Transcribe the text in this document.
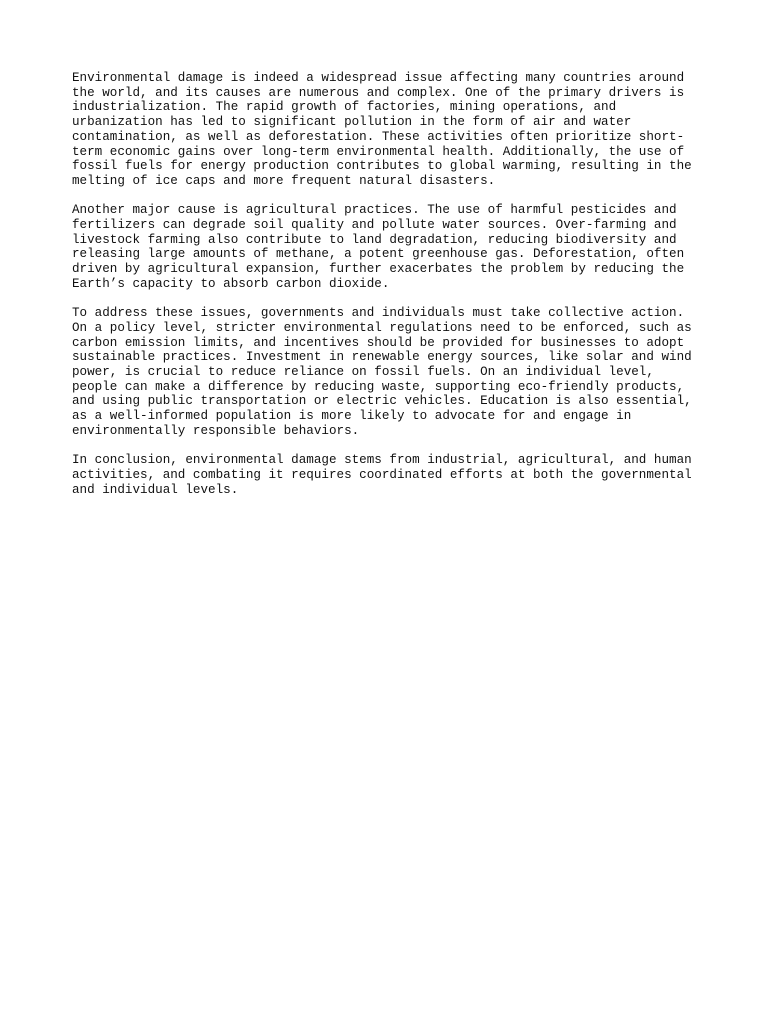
Environmental damage is indeed a widespread issue affecting many countries around
the world, and its causes are numerous and complex. One of the primary drivers is
industrialization. The rapid growth of factories, mining operations, and
urbanization has led to significant pollution in the form of air and water
contamination, as well as deforestation. These activities often prioritize short-
term economic gains over long-term environmental health. Additionally, the use of
fossil fuels for energy production contributes to global warming, resulting in the
melting of ice caps and more frequent natural disasters.
Another major cause is agricultural practices. The use of harmful pesticides and
fertilizers can degrade soil quality and pollute water sources. Over-farming and
livestock farming also contribute to land degradation, reducing biodiversity and
releasing large amounts of methane, a potent greenhouse gas. Deforestation, often
driven by agricultural expansion, further exacerbates the problem by reducing the
Earth’s capacity to absorb carbon dioxide.
To address these issues, governments and individuals must take collective action.
On a policy level, stricter environmental regulations need to be enforced, such as
carbon emission limits, and incentives should be provided for businesses to adopt
sustainable practices. Investment in renewable energy sources, like solar and wind
power, is crucial to reduce reliance on fossil fuels. On an individual level,
people can make a difference by reducing waste, supporting eco-friendly products,
and using public transportation or electric vehicles. Education is also essential,
as a well-informed population is more likely to advocate for and engage in
environmentally responsible behaviors.
In conclusion, environmental damage stems from industrial, agricultural, and human
activities, and combating it requires coordinated efforts at both the governmental
and individual levels.
